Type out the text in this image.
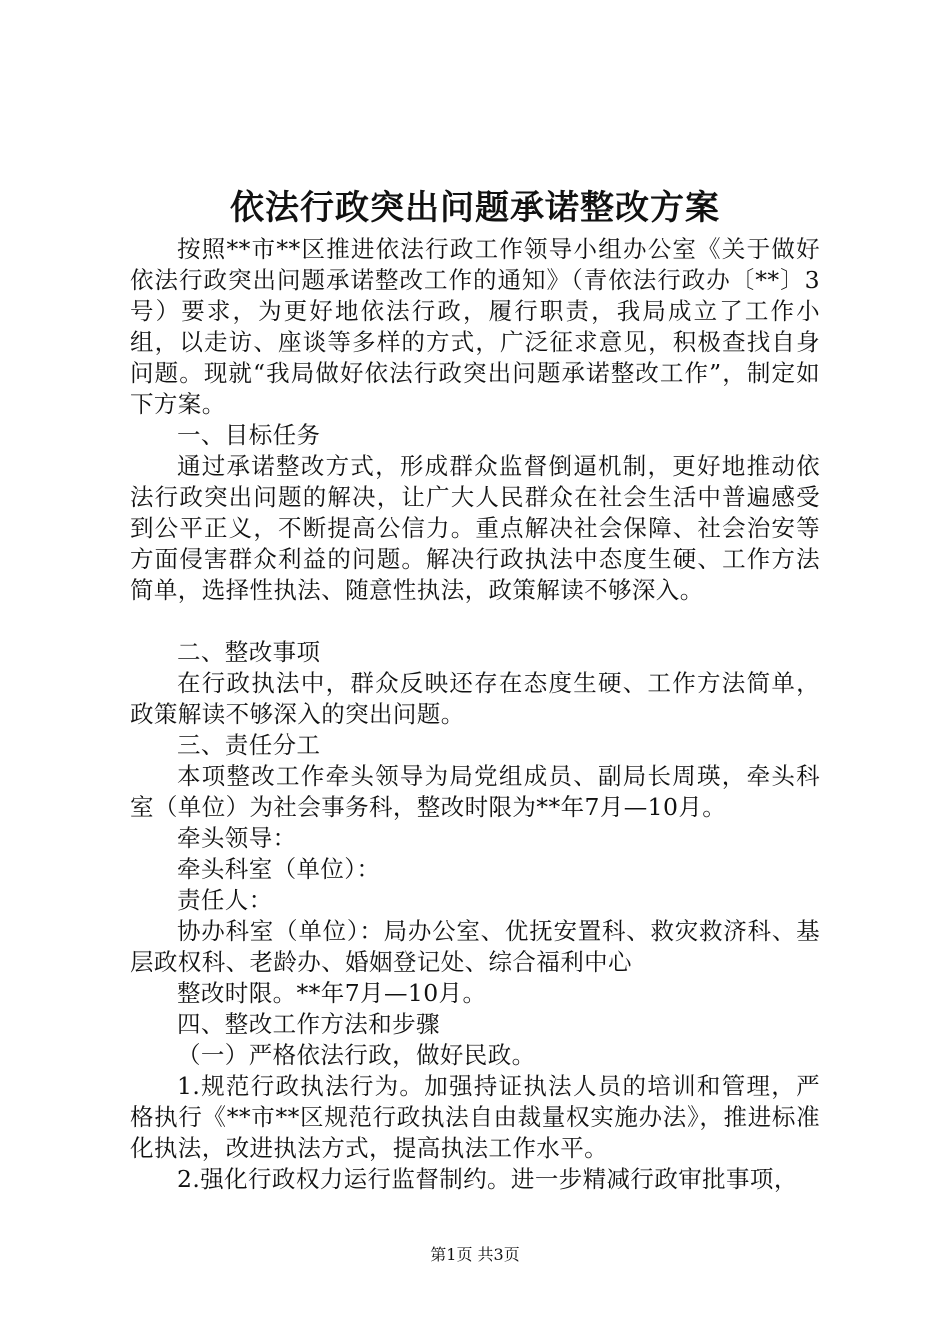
依法行政突出问题承诺整改方案

按照**市**区推进依法行政工作领导小组办公室《关于做好依法行政突出问题承诺整改工作的通知》（青依法行政办〔**〕3号）要求，为更好地依法行政，履行职责，我局成立了工作小组，以走访、座谈等多样的方式，广泛征求意见，积极查找自身问题。现就“我局做好依法行政突出问题承诺整改工作”，制定如下方案。

一、目标任务

通过承诺整改方式，形成群众监督倒逼机制，更好地推动依法行政突出问题的解决，让广大人民群众在社会生活中普遍感受到公平正义，不断提高公信力。重点解决社会保障、社会治安等方面侵害群众利益的问题。解决行政执法中态度生硬、工作方法简单，选择性执法、随意性执法，政策解读不够深入。

二、整改事项

在行政执法中，群众反映还存在态度生硬、工作方法简单，政策解读不够深入的突出问题。

三、责任分工

本项整改工作牵头领导为局党组成员、副局长周瑛，牵头科室（单位）为社会事务科，整改时限为**年7月—10月。

牵头领导：

牵头科室（单位）：

责任人：

协办科室（单位）：局办公室、优抚安置科、救灾救济科、基层政权科、老龄办、婚姻登记处、综合福利中心

整改时限。**年7月—10月。

四、整改工作方法和步骤

（一）严格依法行政，做好民政。

1.规范行政执法行为。加强持证执法人员的培训和管理，严格执行《**市**区规范行政执法自由裁量权实施办法》，推进标准化执法，改进执法方式，提高执法工作水平。

2.强化行政权力运行监督制约。进一步精减行政审批事项，

第1页 共3页
